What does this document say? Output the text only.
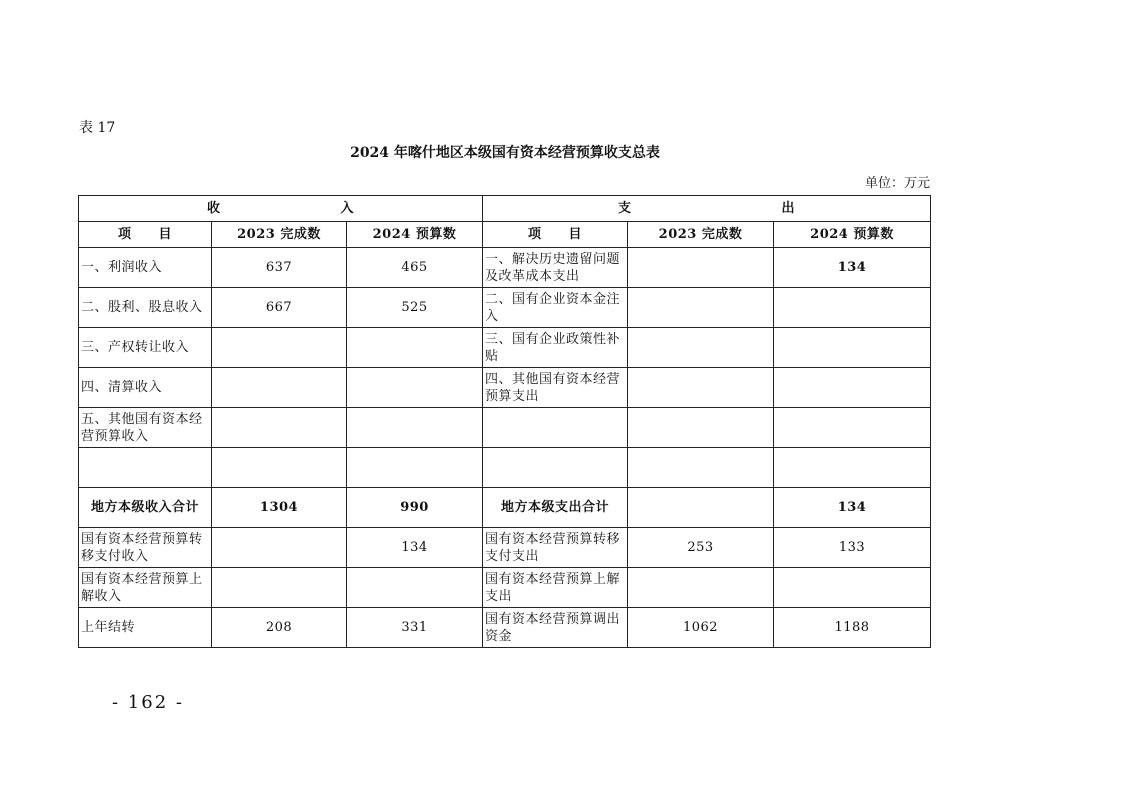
表 17
2024 年喀什地区本级国有资本经营预算收支总表
单位：万元
收 入			支 出		
项　　目	2023 完成数	2024 预算数	项　　目	2023 完成数	2024 预算数
一、利润收入	637	465	一、解决历史遗留问题及改革成本支出		134
二、股利、股息收入	667	525	二、国有企业资本金注入		
三、产权转让收入			三、国有企业政策性补贴		
四、清算收入			四、其他国有资本经营预算支出		
五、其他国有资本经营预算收入					

地方本级收入合计	1304	990	地方本级支出合计		134
国有资本经营预算转移支付收入		134	国有资本经营预算转移支付支出	253	133
国有资本经营预算上解收入			国有资本经营预算上解支出		
上年结转	208	331	国有资本经营预算调出资金	1062	1188
- 162 -
